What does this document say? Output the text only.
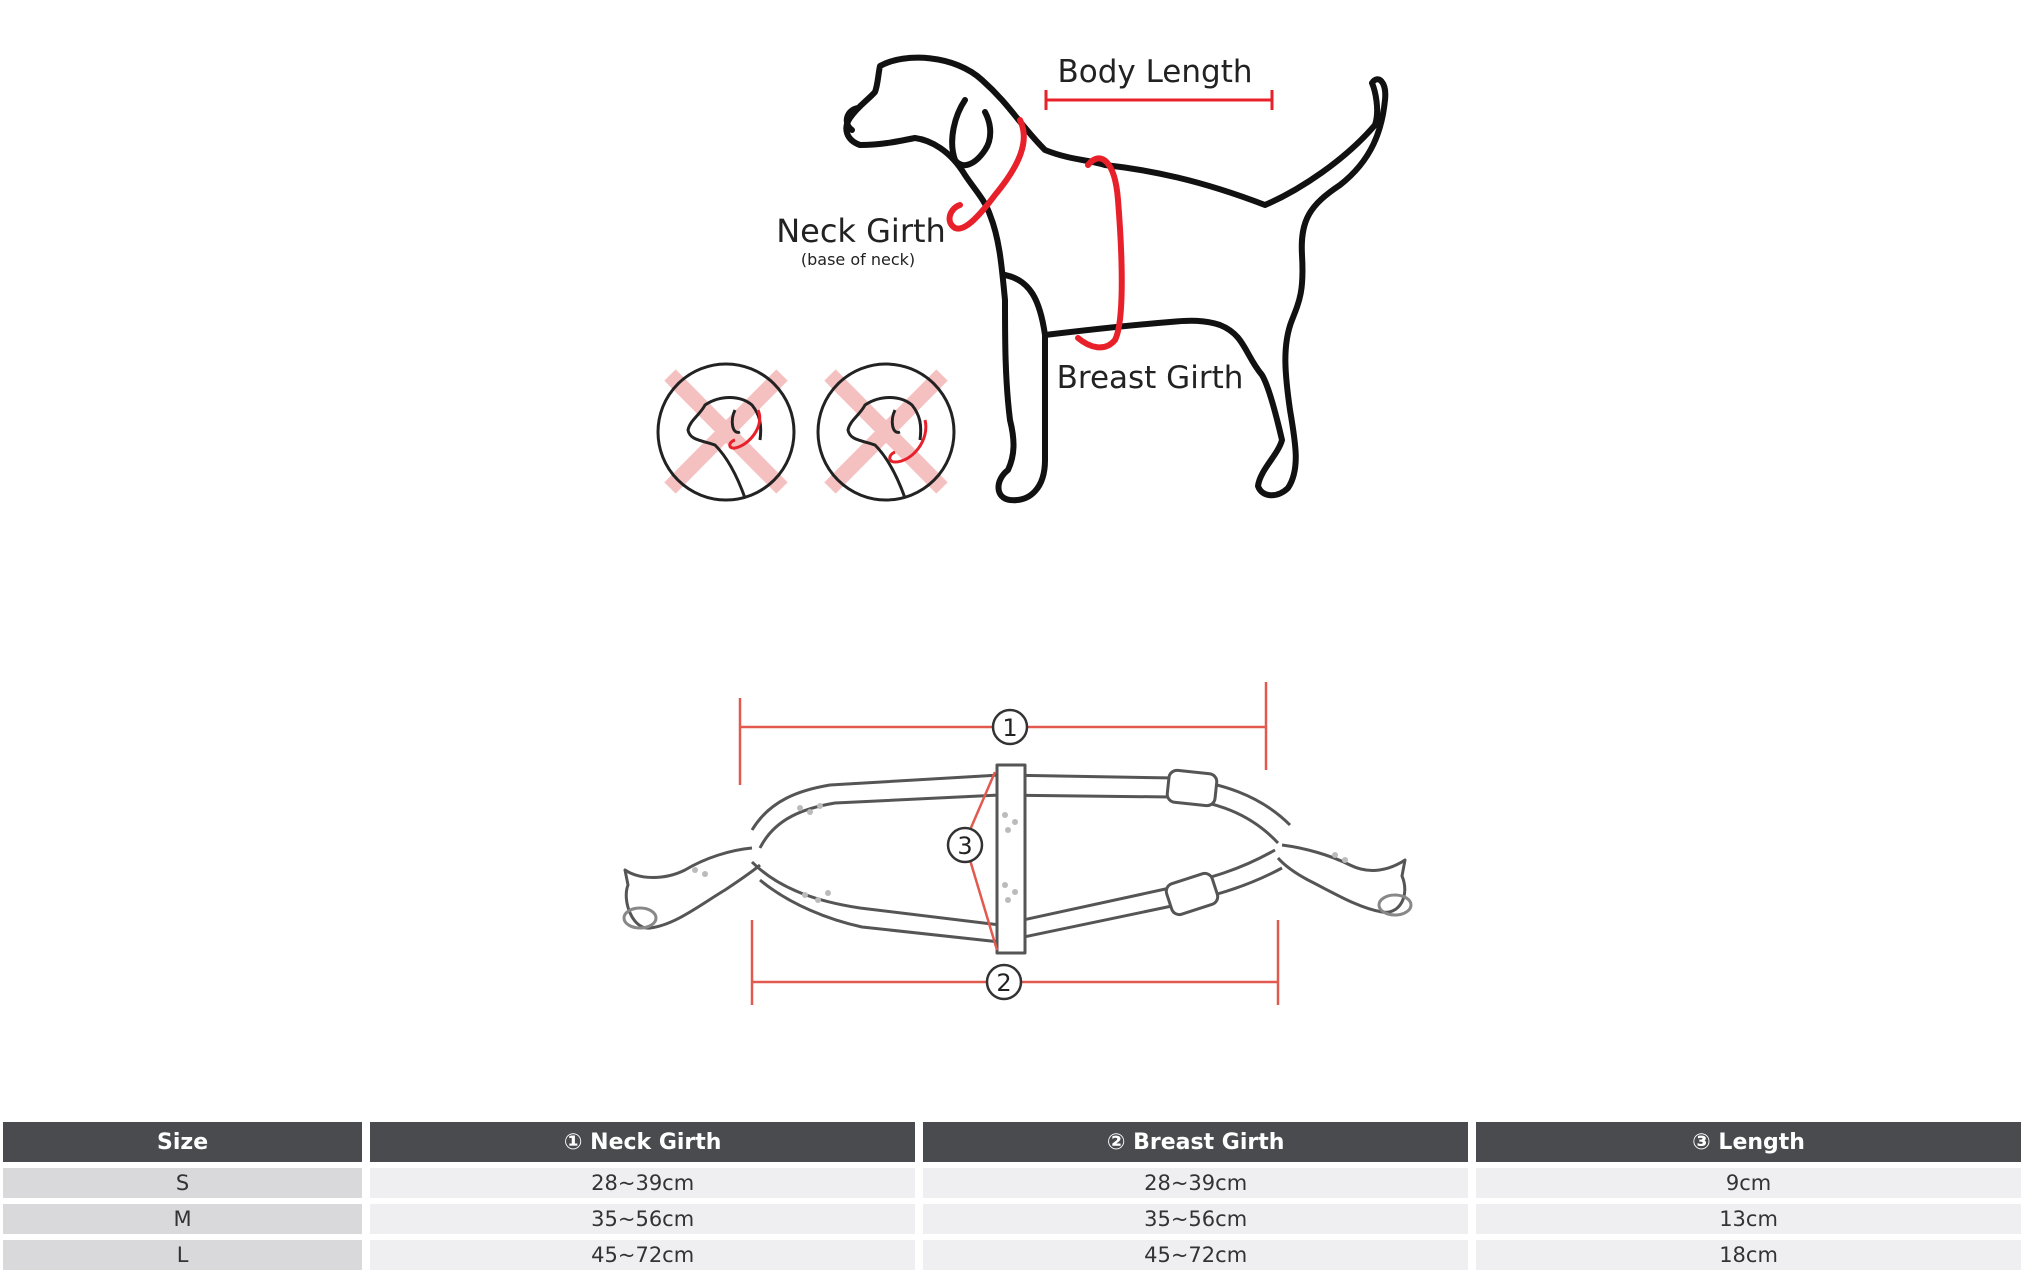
Body Length
Neck Girth
(base of neck)
Breast Girth
1
2
3
Size	① Neck Girth	② Breast Girth	③ Length
S	28~39cm	28~39cm	9cm
M	35~56cm	35~56cm	13cm
L	45~72cm	45~72cm	18cm
